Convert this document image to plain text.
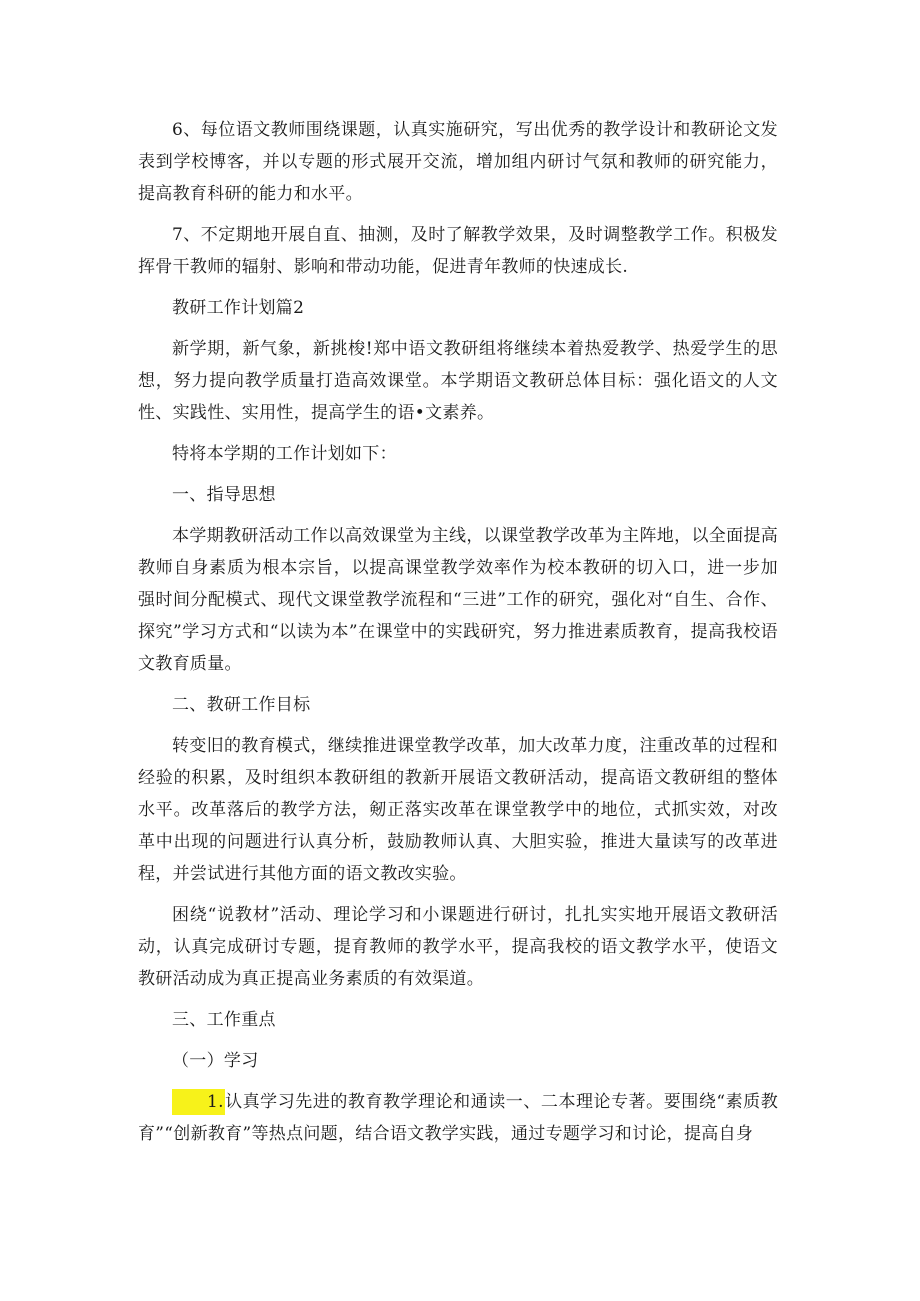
6、每位语文教师围绕课题，认真实施研究，写出优秀的教学设计和教研论文发表到学校博客，并以专题的形式展开交流，增加组内研讨气氛和教师的研究能力，提高教育科研的能力和水平。

7、不定期地开展自直、抽测，及时了解教学效果，及时调整教学工作。积极发挥骨干教师的辐射、影响和带动功能，促进青年教师的快速成长.

教研工作计划篇2

新学期，新气象，新挑梭!郑中语文教研组将继续本着热爱教学、热爱学生的思想，努力提向教学质量打造高效课堂。本学期语文教研总体目标：强化语文的人文性、实践性、实用性，提高学生的语•文素养。

特将本学期的工作计划如下：

一、指导思想

本学期教研活动工作以高效课堂为主线，以课堂教学改革为主阵地，以全面提高教师自身素质为根本宗旨，以提高课堂教学效率作为校本教研的切入口，进一步加强时间分配模式、现代文课堂教学流程和“三进”工作的研究，强化对“自生、合作、探究”学习方式和“以读为本”在课堂中的实践研究，努力推进素质教育，提高我校语文教育质量。

二、教研工作目标

转变旧的教育模式，继续推进课堂教学改革，加大改革力度，注重改革的过程和经验的积累，及时组织本教研组的教新开展语文教研活动，提高语文教研组的整体水平。改革落后的教学方法，剱正落实改革在课堂教学中的地位，式抓实效，对改革中出现的问题进行认真分析，鼓励教师认真、大胆实验，推进大量读写的改革进程，并尝试进行其他方面的语文教改实验。

困绕“说教材”活动、理论学习和小课题进行研讨，扎扎实实地开展语文教研活动，认真完成研讨专题，提育教师的教学水平，提高我校的语文教学水平，使语文教研活动成为真正提高业务素质的有效渠道。

三、工作重点

（一）学习

1.认真学习先进的教育教学理论和通读一、二本理论专著。要围绕“素质教育”“创新教育”等热点问题，结合语文教学实践，通过专题学习和讨论，提高自身
